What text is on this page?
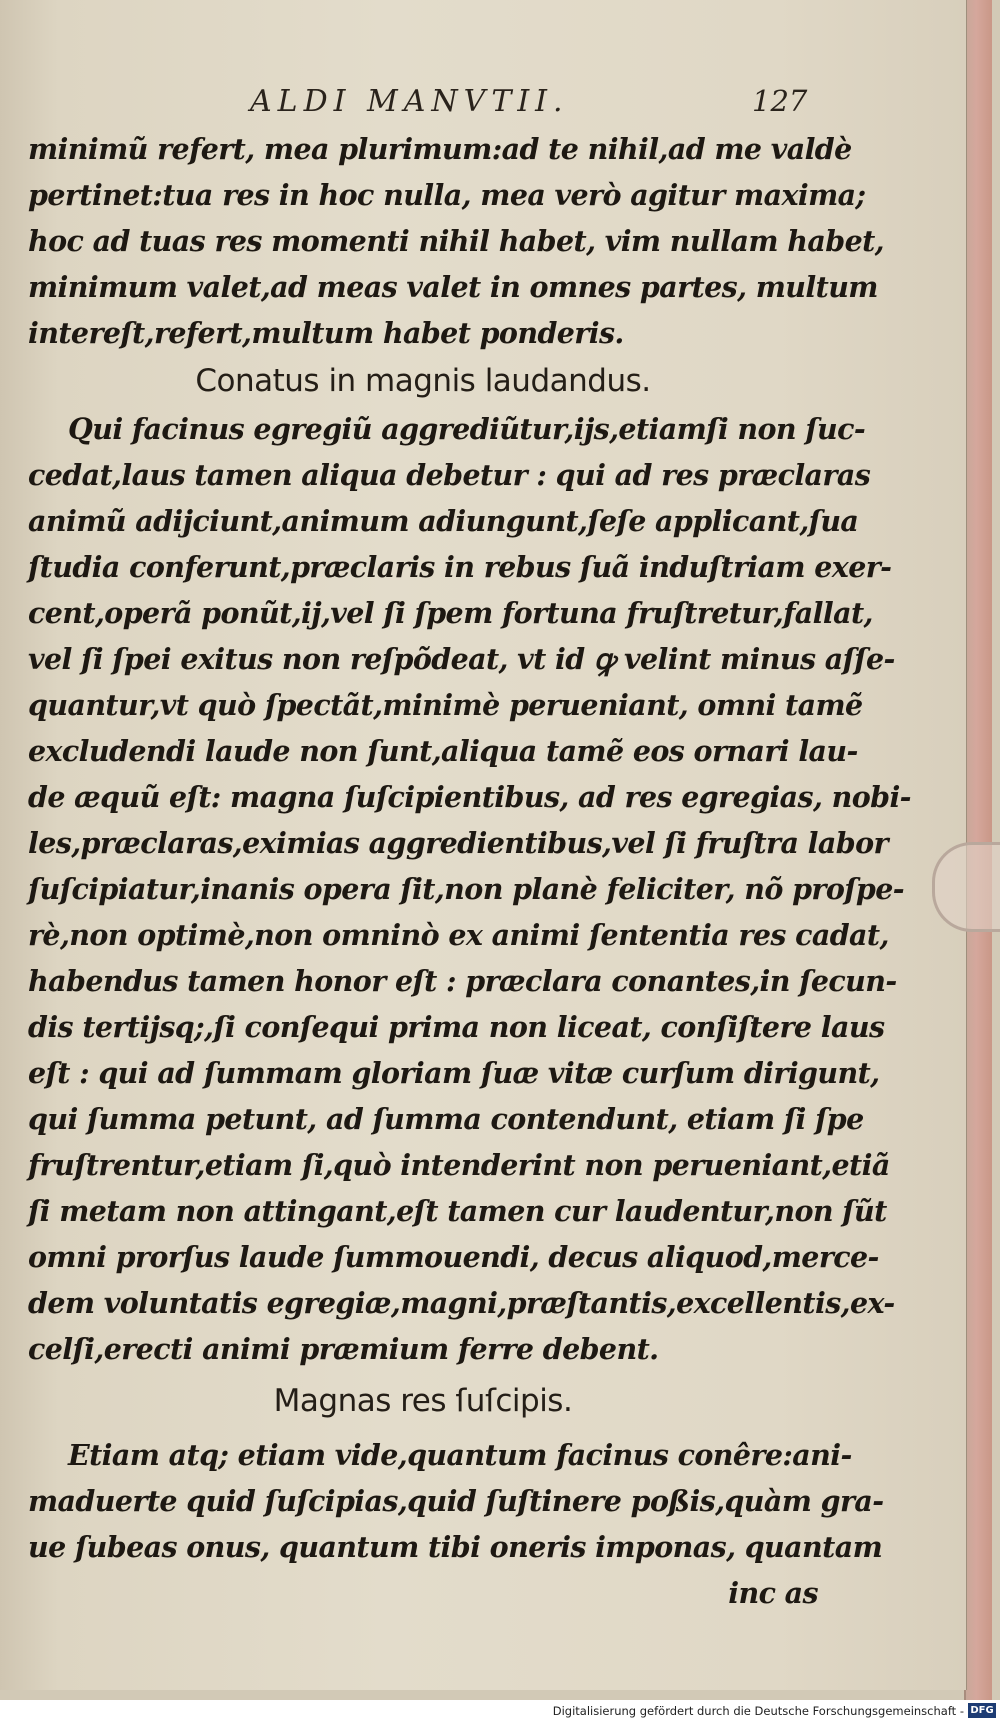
ALDI MANVTII.	127
minimũ refert, mea plurimum:ad te nihil,ad me valdè
pertinet:tua res in hoc nulla, mea verò agitur maxima;
hoc ad tuas res momenti nihil habet, vim nullam habet,
minimum valet,ad meas valet in omnes partes, multum
intereſt,refert,multum habet ponderis.
Conatus in magnis laudandus.
Qui facinus egregiũ aggrediũtur,ijs,etiamſi non ſuc-
cedat,laus tamen aliqua debetur : qui ad res præclaras
animũ adijciunt,animum adiungunt,ſeſe applicant,ſua
ſtudia conferunt,præclaris in rebus ſuã induſtriam exer-
cent,operã ponũt,ij,vel ſi ſpem fortuna fruſtretur,fallat,
vel ſi ſpei exitus non reſpõdeat, vt id ꝙ velint minus aſſe-
quantur,vt quò ſpectãt,minimè perueniant, omni tamẽ
excludendi laude non ſunt,aliqua tamẽ eos ornari lau-
de æquũ eſt: magna ſuſcipientibus, ad res egregias, nobi-
les,præclaras,eximias aggredientibus,vel ſi fruſtra labor
ſuſcipiatur,inanis opera ſit,non planè feliciter, nõ proſpe-
rè,non optimè,non omninò ex animi ſententia res cadat,
habendus tamen honor eſt : præclara conantes,in ſecun-
dis tertijsq;,ſi conſequi prima non liceat, conſiſtere laus
eſt : qui ad ſummam gloriam ſuæ vitæ curſum dirigunt,
qui ſumma petunt, ad ſumma contendunt, etiam ſi ſpe
fruſtrentur,etiam ſi,quò intenderint non perueniant,etiã
ſi metam non attingant,eſt tamen cur laudentur,non ſũt
omni prorſus laude ſummouendi, decus aliquod,merce-
dem voluntatis egregiæ,magni,præſtantis,excellentis,ex-
celſi,erecti animi præmium ferre debent.
Magnas res ſuſcipis.
Etiam atq; etiam vide,quantum facinus conêre:ani-
maduerte quid ſuſcipias,quid ſuſtinere poßis,quàm gra-
ue ſubeas onus, quantum tibi oneris imponas, quantam
inc as
Digitalisierung gefördert durch die Deutsche Forschungsgemeinschaft - DFG
